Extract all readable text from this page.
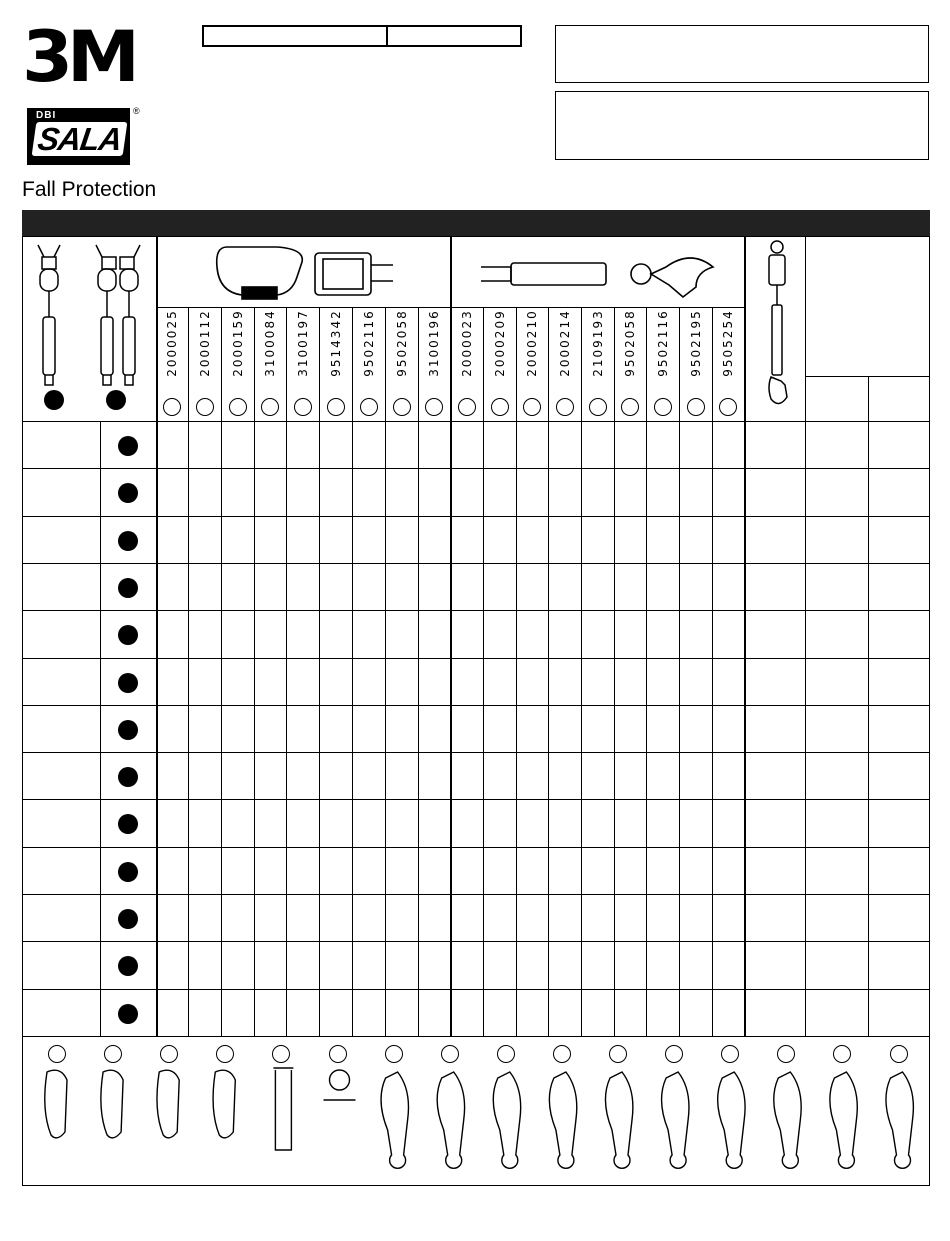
3M
DBI
SALA
®
Fall Protection
2000025 2000112 2000159 3100084 3100197 9514342 9502116 9502058 3100196 2000023 2000209 2000210 2000214 2109193 9502058 9502116 9502195 9505254
